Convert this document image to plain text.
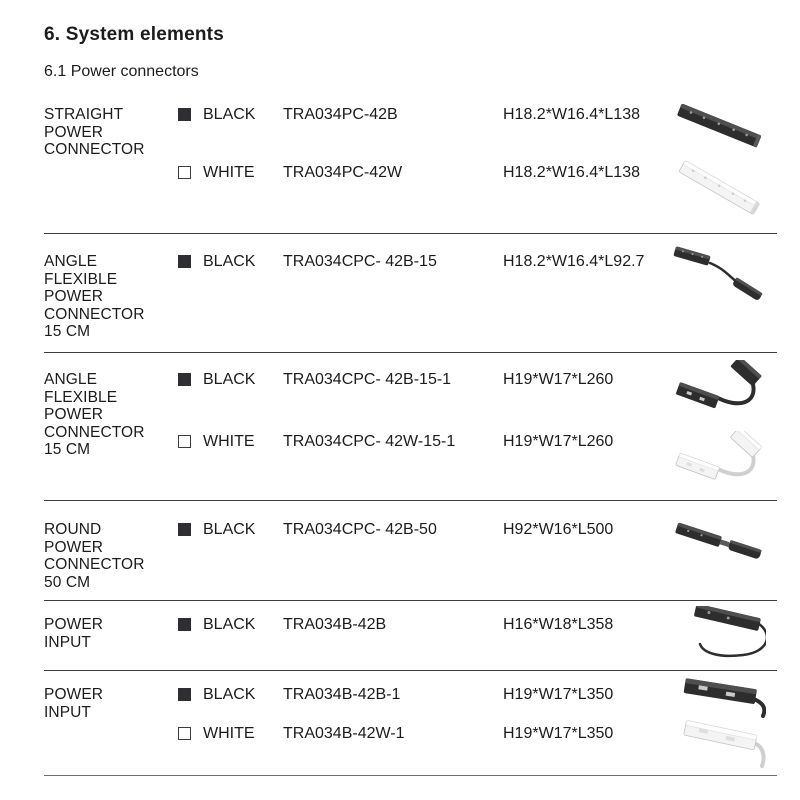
6. System elements
6.1 Power connectors
STRAIGHT
POWER
CONNECTOR
BLACK TRA034PC-42B	H18.2*W16.4*L138
WHITE TRA034PC-42W	H18.2*W16.4*L138
ANGLE
FLEXIBLE
POWER
CONNECTOR
15 CM
BLACK TRA034CPC- 42B-15	H18.2*W16.4*L92.7
ANGLE
FLEXIBLE
POWER
CONNECTOR
15 CM
BLACK TRA034CPC- 42B-15-1	H19*W17*L260
WHITE TRA034CPC- 42W-15-1	H19*W17*L260
ROUND
POWER
CONNECTOR
50 CM
BLACK TRA034CPC- 42B-50	H92*W16*L500
POWER
INPUT
BLACK TRA034B-42B	H16*W18*L358
POWER
INPUT
BLACK TRA034B-42B-1	H19*W17*L350
WHITE TRA034B-42W-1	H19*W17*L350
